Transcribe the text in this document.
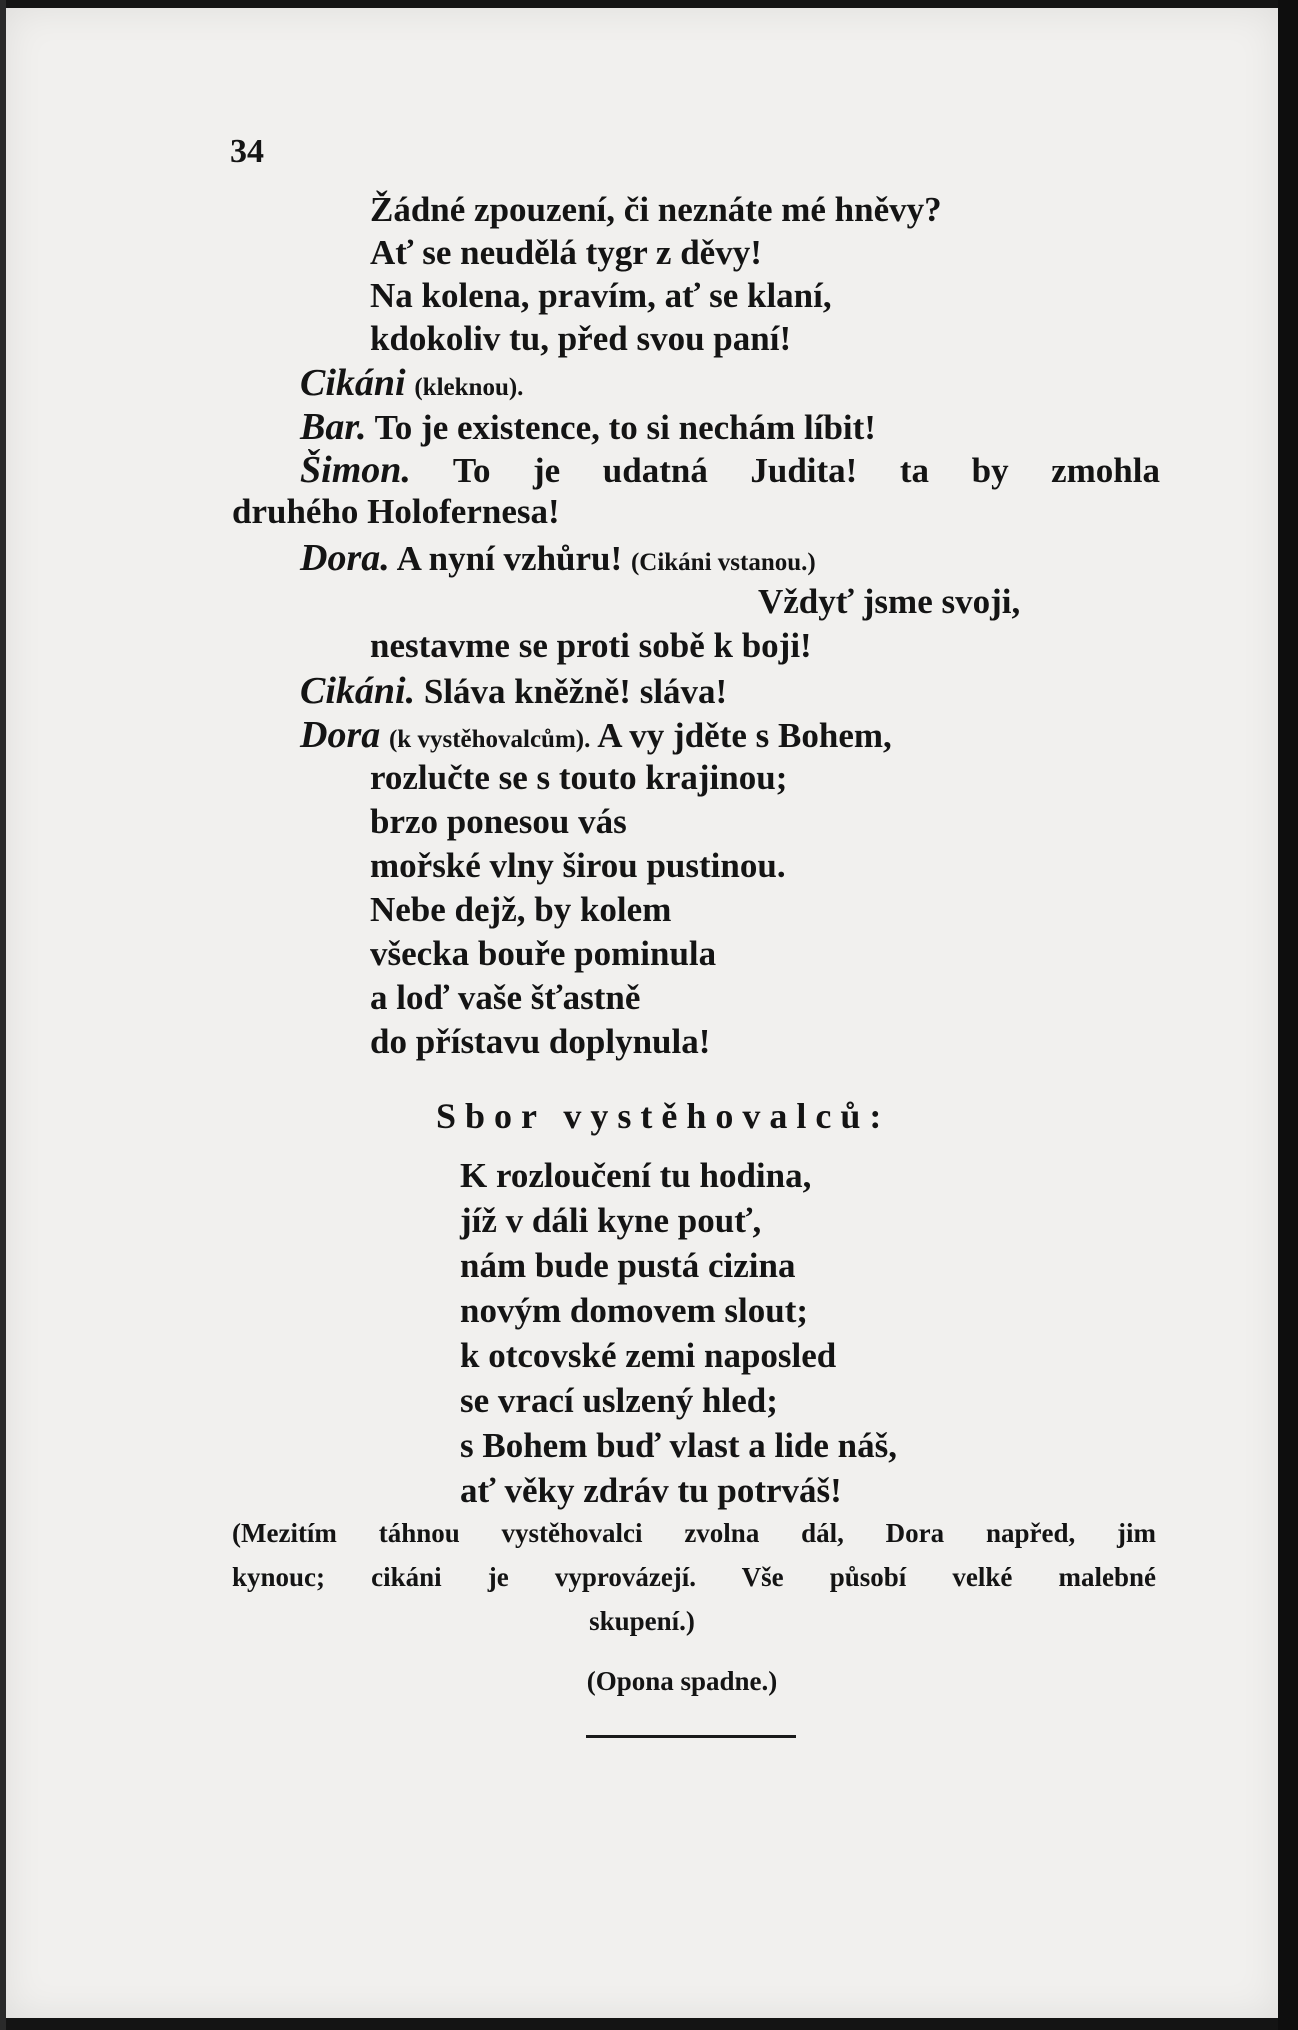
34
Žádné zpouzení, či neznáte mé hněvy?
Ať se neudělá tygr z děvy!
Na kolena, pravím, ať se klaní,
kdokoliv tu, před svou paní!
Cikáni (kleknou).
Bar. To je existence, to si nechám líbit!
Šimon. To je udatná Judita! ta by zmohla
druhého Holofernesa!
Dora. A nyní vzhůru! (Cikáni vstanou.)
Vždyť jsme svoji,
nestavme se proti sobě k boji!
Cikáni. Sláva kněžně! sláva!
Dora (k vystěhovalcům). A vy jděte s Bohem,
rozlučte se s touto krajinou;
brzo ponesou vás
mořské vlny širou pustinou.
Nebe dejž, by kolem
všecka bouře pominula
a loď vaše šťastně
do přístavu doplynula!
Sbor vystěhovalců:
K rozloučení tu hodina,
jíž v dáli kyne pouť,
nám bude pustá cizina
novým domovem slout;
k otcovské zemi naposled
se vrací uslzený hled;
s Bohem buď vlast a lide náš,
ať věky zdráv tu potrváš!
(Mezitím táhnou vystěhovalci zvolna dál, Dora napřed, jim
kynouc; cikáni je vyprovázejí. Vše působí velké malebné
skupení.)
(Opona spadne.)
